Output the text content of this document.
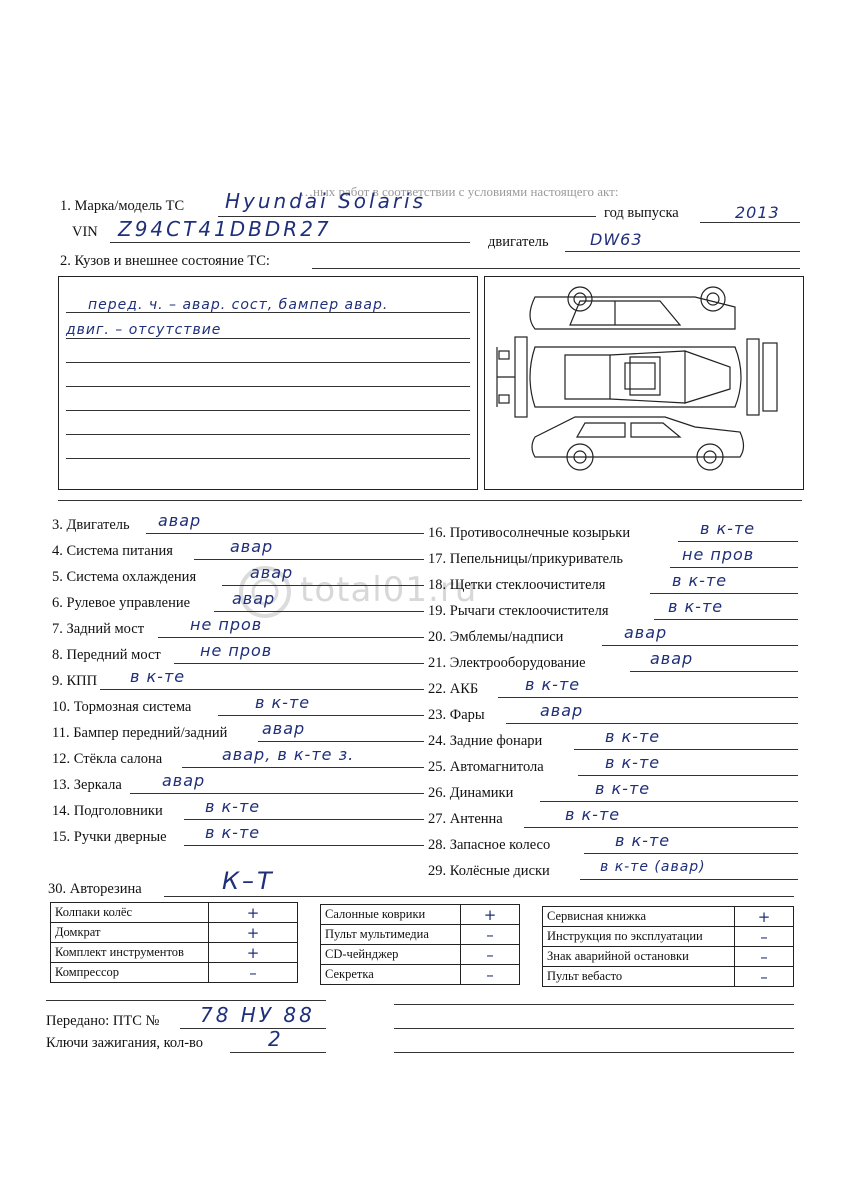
total01.ru
…ных работ в соответствии с условиями настоящего акт:
1. Марка/модель ТС Hyundai Solaris	год выпуска	2013
VIN Z94CT41DBDR27
двигатель	DW63
2. Кузов и внешнее состояние ТС:
перед. ч. – авар. сост, бампер авар.
двиг. – отсутствие
3. Двигатель авар
4. Система питания	авар
5. Система охлаждения	авар
6. Рулевое управление	авар
7. Задний мост	не пров
8. Передний мост не пров
9. КПП в к-те
10. Тормозная система	в к-те
11. Бампер передний/задний авар
12. Стёкла салона	авар, в к-те з.
13. Зеркала	авар
14. Подголовники	в к-те
15. Ручки дверные в к-те
16. Противосолнечные козырьки	в к-те
17. Пепельницы/прикуриватель	не пров
18. Щетки стеклоочистителя	в к-те
19. Рычаги стеклоочистителя	в к-те
20. Эмблемы/надписи	авар
21. Электрооборудование	авар
22. АКБ	в к-те
23. Фары	авар
24. Задние фонари	в к-те
25. Автомагнитола	в к-те
26. Динамики	в к-те
27. Антенна	в к-те
28. Запасное колесо	в к-те
29. Колёсные диски	в к-те (авар)
30. Авторезина	К–Т
Колпаки колёс	+
Домкрат	+
Комплект инструментов	+
Компрессор	–
Салонные коврики	+
Пульт мультимедиа	–
CD-чейнджер	–
Секретка	–
Сервисная книжка	+
Инструкция по эксплуатации	–
Знак аварийной остановки	–
Пульт вебасто	–
Передано: ПТС № 78 НУ 88
Ключи зажигания, кол-во	2
